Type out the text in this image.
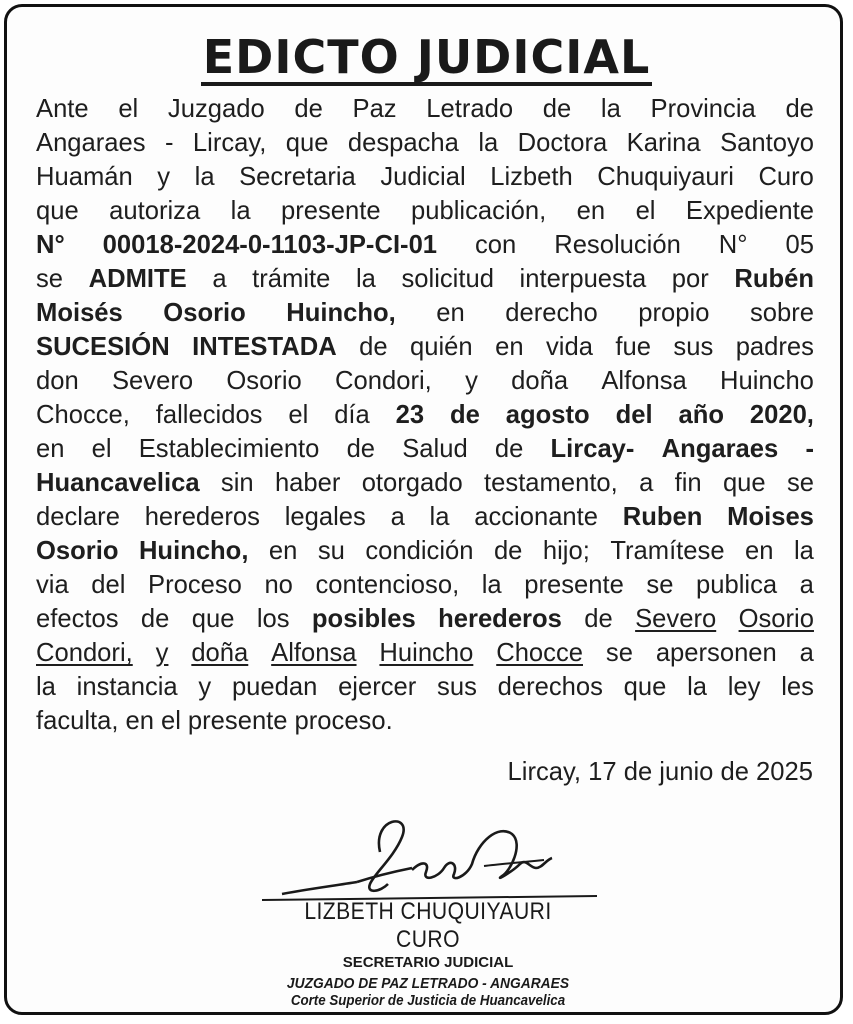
EDICTO JUDICIAL
Ante el Juzgado de Paz Letrado de la Provincia de
Angaraes - Lircay, que despacha la Doctora Karina Santoyo
Huamán y la Secretaria Judicial Lizbeth Chuquiyauri Curo
que autoriza la presente publicación, en el Expediente
N° 00018-2024-0-1103-JP-CI-01 con Resolución N° 05
se ADMITE a trámite la solicitud interpuesta por Rubén
Moisés Osorio Huincho, en derecho propio sobre
SUCESIÓN INTESTADA de quién en vida fue sus padres
don Severo Osorio Condori, y doña Alfonsa Huincho
Chocce, fallecidos el día 23 de agosto del año 2020,
en el Establecimiento de Salud de Lircay- Angaraes -
Huancavelica sin haber otorgado testamento, a fin que se
declare herederos legales a la accionante Ruben Moises
Osorio Huincho, en su condición de hijo; Tramítese en la
via del Proceso no contencioso, la presente se publica a
efectos de que los posibles herederos de Severo Osorio
Condori, y doña Alfonsa Huincho Chocce se apersonen a
la instancia y puedan ejercer sus derechos que la ley les
faculta, en el presente proceso.
Lircay, 17 de junio de 2025
LIZBETH CHUQUIYAURI CURO
SECRETARIO JUDICIAL
JUZGADO DE PAZ LETRADO - ANGARAES
Corte Superior de Justicia de Huancavelica
